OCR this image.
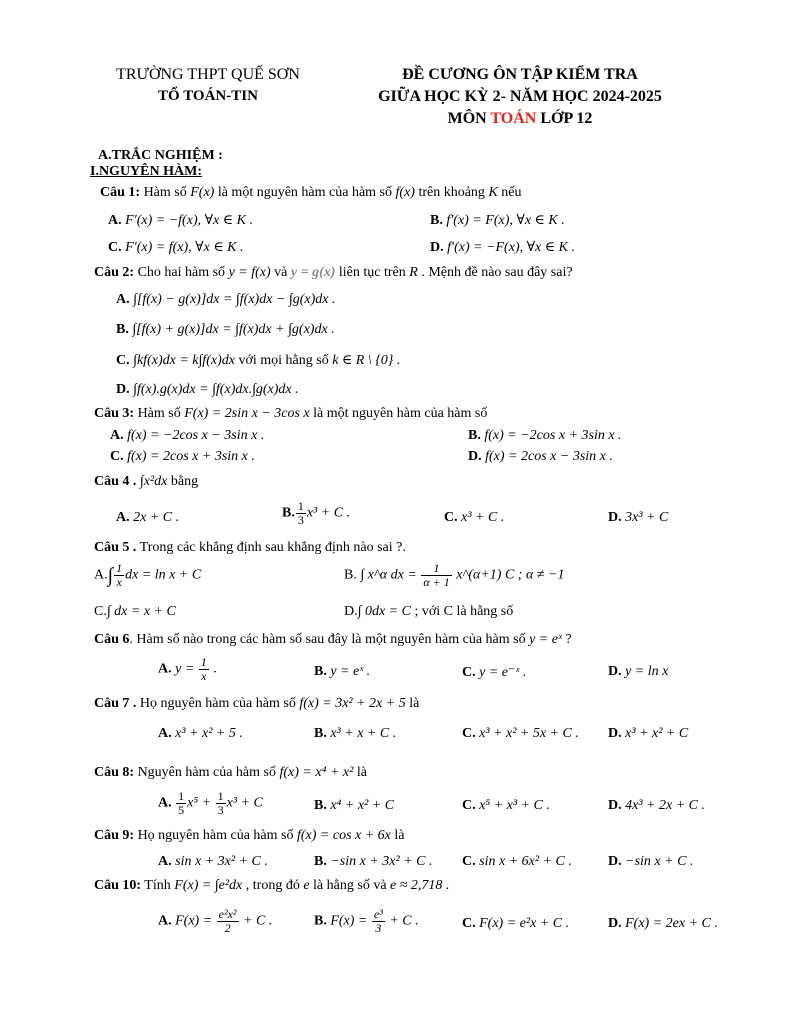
TRƯỜNG THPT QUẾ SƠN
TỔ TOÁN-TIN
ĐỀ CƯƠNG ÔN TẬP KIỂM TRA
GIỮA HỌC KỲ 2- NĂM HỌC 2024-2025
MÔN TOÁN LỚP 12
A.TRẮC NGHIỆM :
I.NGUYÊN HÀM:
Câu 1: Hàm số F(x) là một nguyên hàm của hàm số f(x) trên khoảng K nếu
A. F′(x) = −f(x), ∀x ∈ K .	B. f′(x) = F(x), ∀x ∈ K .
C. F′(x) = f(x), ∀x ∈ K .	D. f′(x) = −F(x), ∀x ∈ K .
Câu 2: Cho hai hàm số y = f(x) và y = g(x) liên tục trên R . Mệnh đề nào sau đây sai?
A. ∫[f(x) − g(x)]dx = ∫f(x)dx − ∫g(x)dx .
B. ∫[f(x) + g(x)]dx = ∫f(x)dx + ∫g(x)dx .
C. ∫kf(x)dx = k∫f(x)dx với mọi hằng số k ∈ R \ {0} .
D. ∫f(x).g(x)dx = ∫f(x)dx.∫g(x)dx .
Câu 3: Hàm số F(x) = 2sin x − 3cos x là một nguyên hàm của hàm số
A. f(x) = −2cos x − 3sin x .	B. f(x) = −2cos x + 3sin x .
C. f(x) = 2cos x + 3sin x .	D. f(x) = 2cos x − 3sin x .
Câu 4 . ∫x²dx bằng
A. 2x + C .	B. $\frac{1}{3} x^3 + C$ .	C. x³ + C .	D. 3x³ + C
Câu 5 . Trong các khẳng định sau khẳng định nào sai ?.
$A.\int \frac{1}{x}$ dx = ln x + C	B. ∫ x^α dx = $\frac{1}{\alpha + 1}$ x^(α+1) C ; α ≠ −1
C.∫ dx = x + C	D.∫ 0dx = C ; với C là hằng số
Câu 6. Hàm số nào trong các hàm số sau đây là một nguyên hàm của hàm số y = eˣ ?
A. $y = \frac{1}{x}$ .	B. y = eˣ .	C. y = e⁻ˣ .	D. y = ln x
Câu 7 . Họ nguyên hàm của hàm số f(x) = 3x² + 2x + 5 là
A. x³ + x² + 5 .	B. x³ + x + C .	C. x³ + x² + 5x + C . D. x³ + x² + C
Câu 8: Nguyên hàm của hàm số f(x) = x⁴ + x² là
A. $\frac{1}{5} x^5 + \frac{1}{3} x^3 + C$	B. x⁴ + x² + C	C. x⁵ + x³ + C .	D. 4x³ + 2x + C .
Câu 9: Họ nguyên hàm của hàm số f(x) = cos x + 6x là
A. sin x + 3x² + C .	B. −sin x + 3x² + C . C. sin x + 6x² + C .	D. −sin x + C .
Câu 10: Tính F(x) = ∫e²dx , trong đó e là hằng số và e ≈ 2,718 .
A. $F(x) = \frac{\text{e²x²}}{2} + C$ .	B. $F(x) = \frac{\text{e³}}{3} + C$ .	C. F(x) = e²x + C .	D. F(x) = 2ex + C .
